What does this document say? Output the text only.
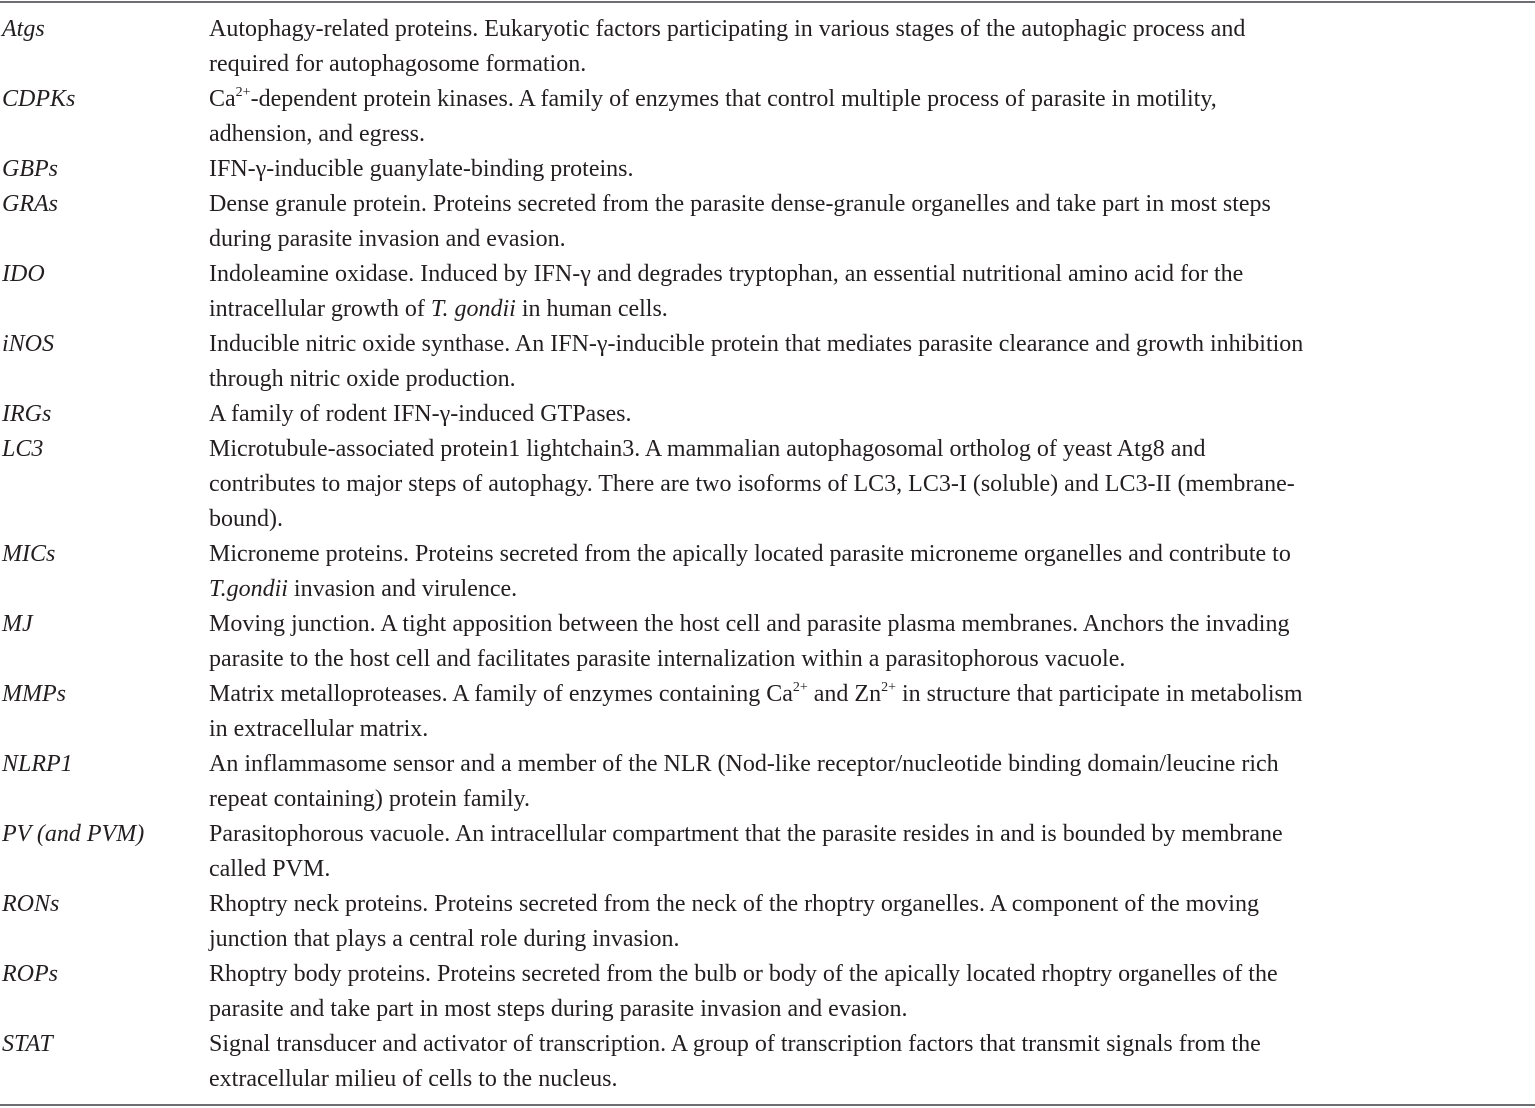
Atgs	Autophagy-related proteins. Eukaryotic factors participating in various stages of the autophagic process and
required for autophagosome formation.
CDPKs	$Ca^{2+}$-dependent protein kinases. A family of enzymes that control multiple process of parasite in motility,
adhension, and egress.
GBPs	IFN-γ-inducible guanylate-binding proteins.
GRAs	Dense granule protein. Proteins secreted from the parasite dense-granule organelles and take part in most steps
during parasite invasion and evasion.
IDO	Indoleamine oxidase. Induced by IFN-γ and degrades tryptophan, an essential nutritional amino acid for the
intracellular growth of T. gondii in human cells.
iNOS	Inducible nitric oxide synthase. An IFN-γ-inducible protein that mediates parasite clearance and growth inhibition
through nitric oxide production.
IRGs	A family of rodent IFN-γ-induced GTPases.
LC3	Microtubule-associated protein1 lightchain3. A mammalian autophagosomal ortholog of yeast Atg8 and
contributes to major steps of autophagy. There are two isoforms of LC3, LC3-I (soluble) and LC3-II (membrane-
bound).
MICs	Microneme proteins. Proteins secreted from the apically located parasite microneme organelles and contribute to
T.gondii invasion and virulence.
MJ	Moving junction. A tight apposition between the host cell and parasite plasma membranes. Anchors the invading
parasite to the host cell and facilitates parasite internalization within a parasitophorous vacuole.
MMPs	Matrix metalloproteases. A family of enzymes containing $Ca^{2+}$ and $Zn^{2+}$ in structure that participate in metabolism
in extracellular matrix.
NLRP1	An inflammasome sensor and a member of the NLR (Nod-like receptor/nucleotide binding domain/leucine rich
repeat containing) protein family.
PV (and PVM)	Parasitophorous vacuole. An intracellular compartment that the parasite resides in and is bounded by membrane
called PVM.
RONs	Rhoptry neck proteins. Proteins secreted from the neck of the rhoptry organelles. A component of the moving
junction that plays a central role during invasion.
ROPs	Rhoptry body proteins. Proteins secreted from the bulb or body of the apically located rhoptry organelles of the
parasite and take part in most steps during parasite invasion and evasion.
STAT	Signal transducer and activator of transcription. A group of transcription factors that transmit signals from the
extracellular milieu of cells to the nucleus.
